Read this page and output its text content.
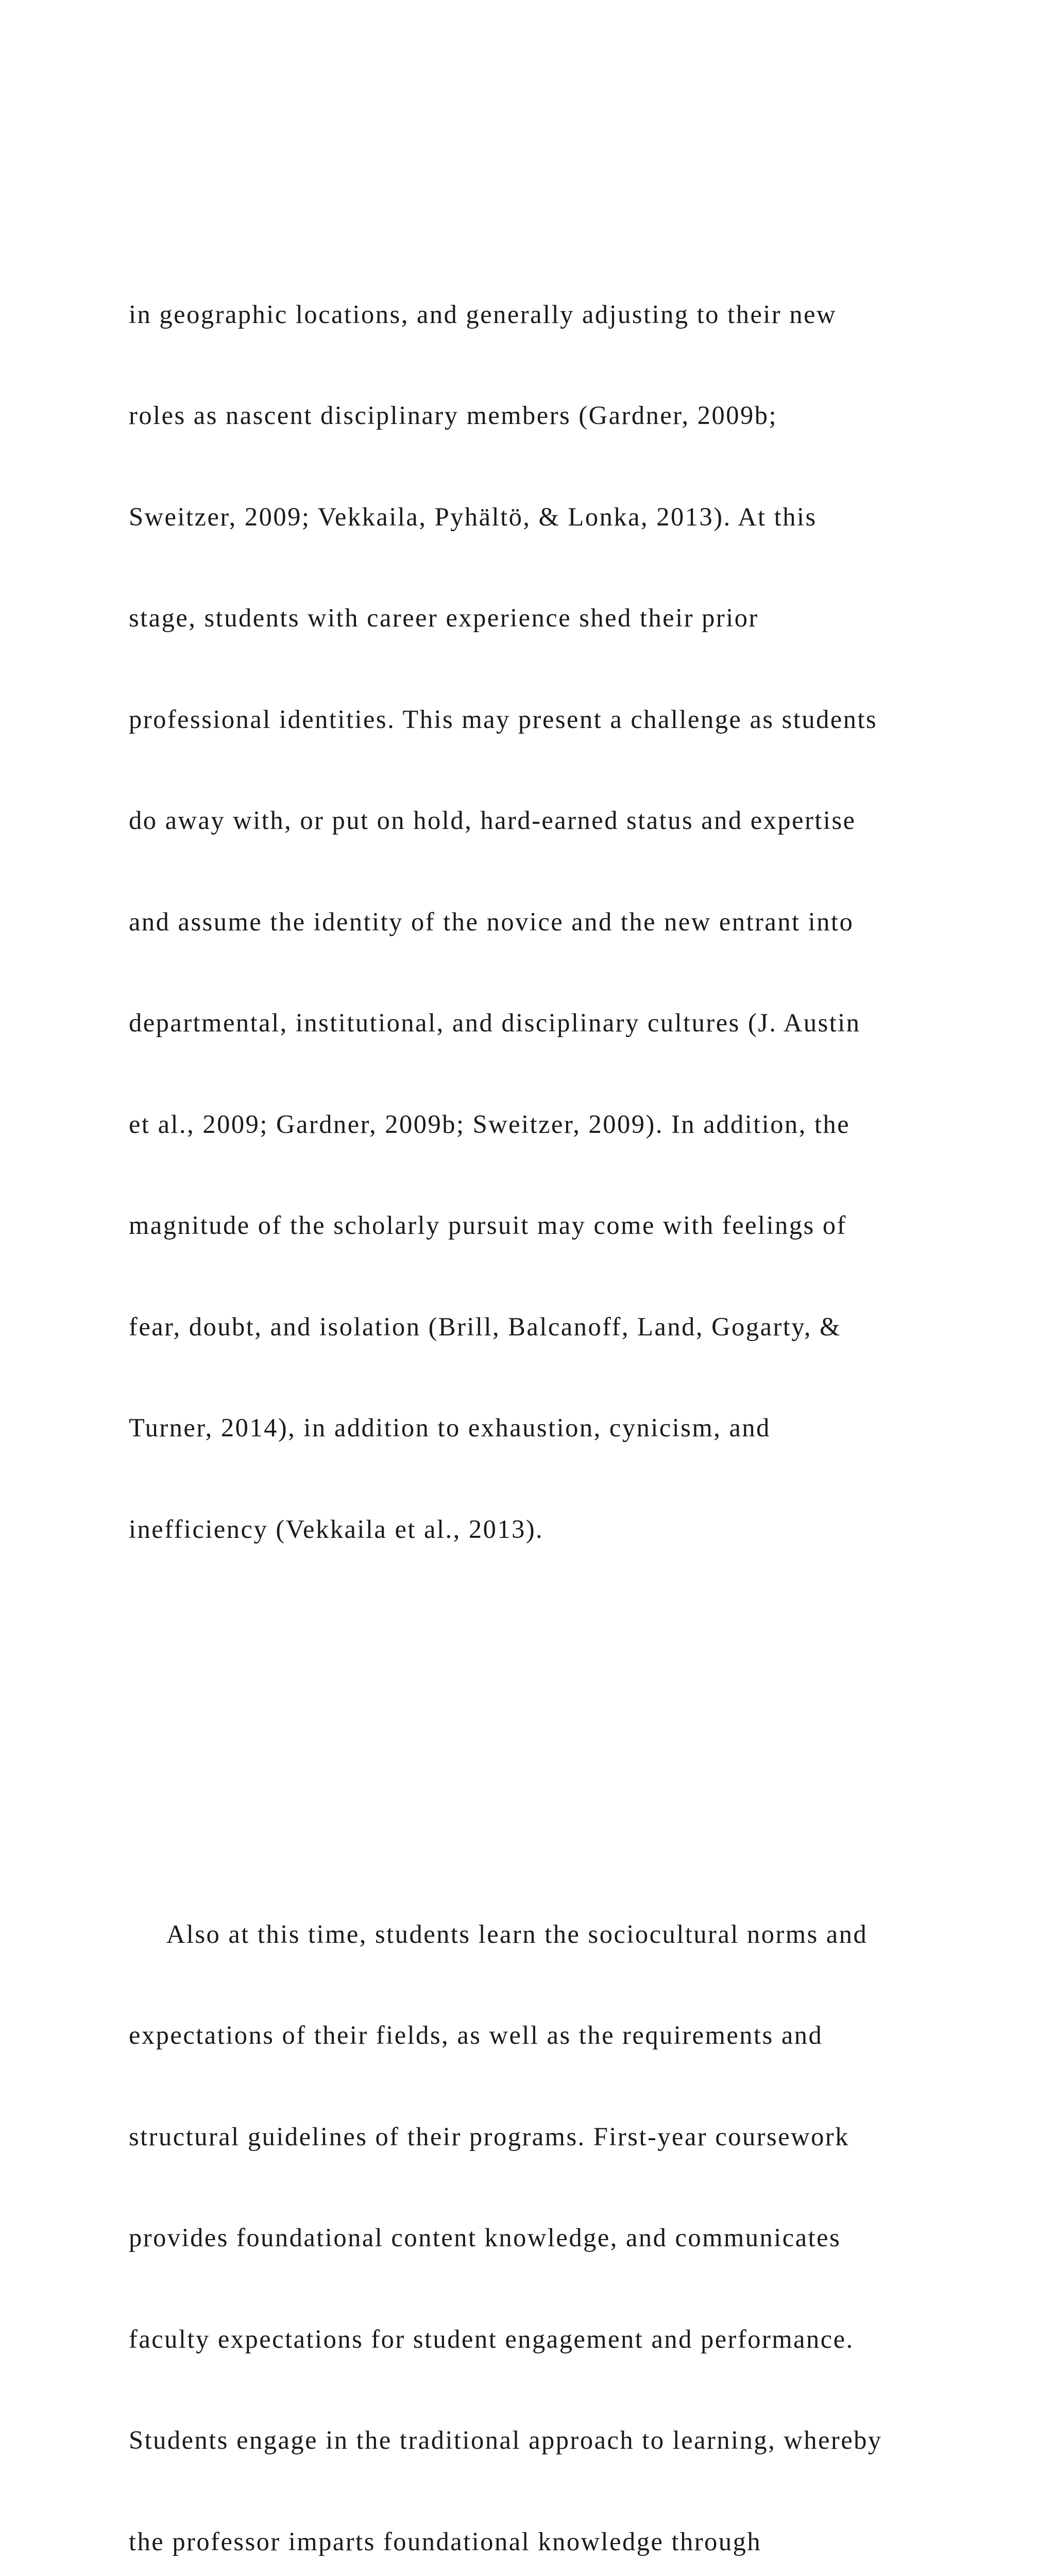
in geographic locations, and generally adjusting to their new

roles as nascent disciplinary members (Gardner, 2009b;

Sweitzer, 2009; Vekkaila, Pyhältö, & Lonka, 2013). At this

stage, students with career experience shed their prior

professional identities. This may present a challenge as students

do away with, or put on hold, hard-earned status and expertise

and assume the identity of the novice and the new entrant into

departmental, institutional, and disciplinary cultures (J. Austin

et al., 2009; Gardner, 2009b; Sweitzer, 2009). In addition, the

magnitude of the scholarly pursuit may come with feelings of

fear, doubt, and isolation (Brill, Balcanoff, Land, Gogarty, &

Turner, 2014), in addition to exhaustion, cynicism, and

inefficiency (Vekkaila et al., 2013).

Also at this time, students learn the sociocultural norms and

expectations of their fields, as well as the requirements and

structural guidelines of their programs. First-year coursework

provides foundational content knowledge, and communicates

faculty expectations for student engagement and performance.

Students engage in the traditional approach to learning, whereby

the professor imparts foundational knowledge through
